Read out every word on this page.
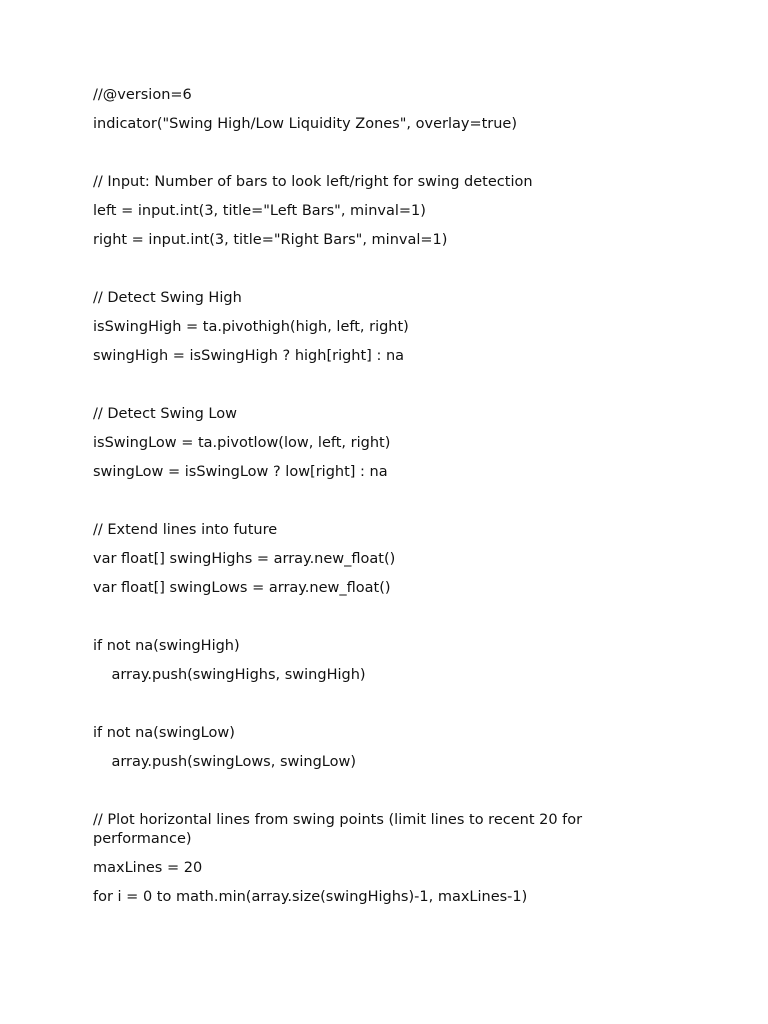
//@version=6
indicator("Swing High/Low Liquidity Zones", overlay=true)
// Input: Number of bars to look left/right for swing detection
left = input.int(3, title="Left Bars", minval=1)
right = input.int(3, title="Right Bars", minval=1)
// Detect Swing High
isSwingHigh = ta.pivothigh(high, left, right)
swingHigh = isSwingHigh ? high[right] : na
// Detect Swing Low
isSwingLow = ta.pivotlow(low, left, right)
swingLow = isSwingLow ? low[right] : na
// Extend lines into future
var float[] swingHighs = array.new_float()
var float[] swingLows = array.new_float()
if not na(swingHigh)
array.push(swingHighs, swingHigh)
if not na(swingLow)
array.push(swingLows, swingLow)
// Plot horizontal lines from swing points (limit lines to recent 20 for performance)
maxLines = 20
for i = 0 to math.min(array.size(swingHighs)-1, maxLines-1)
